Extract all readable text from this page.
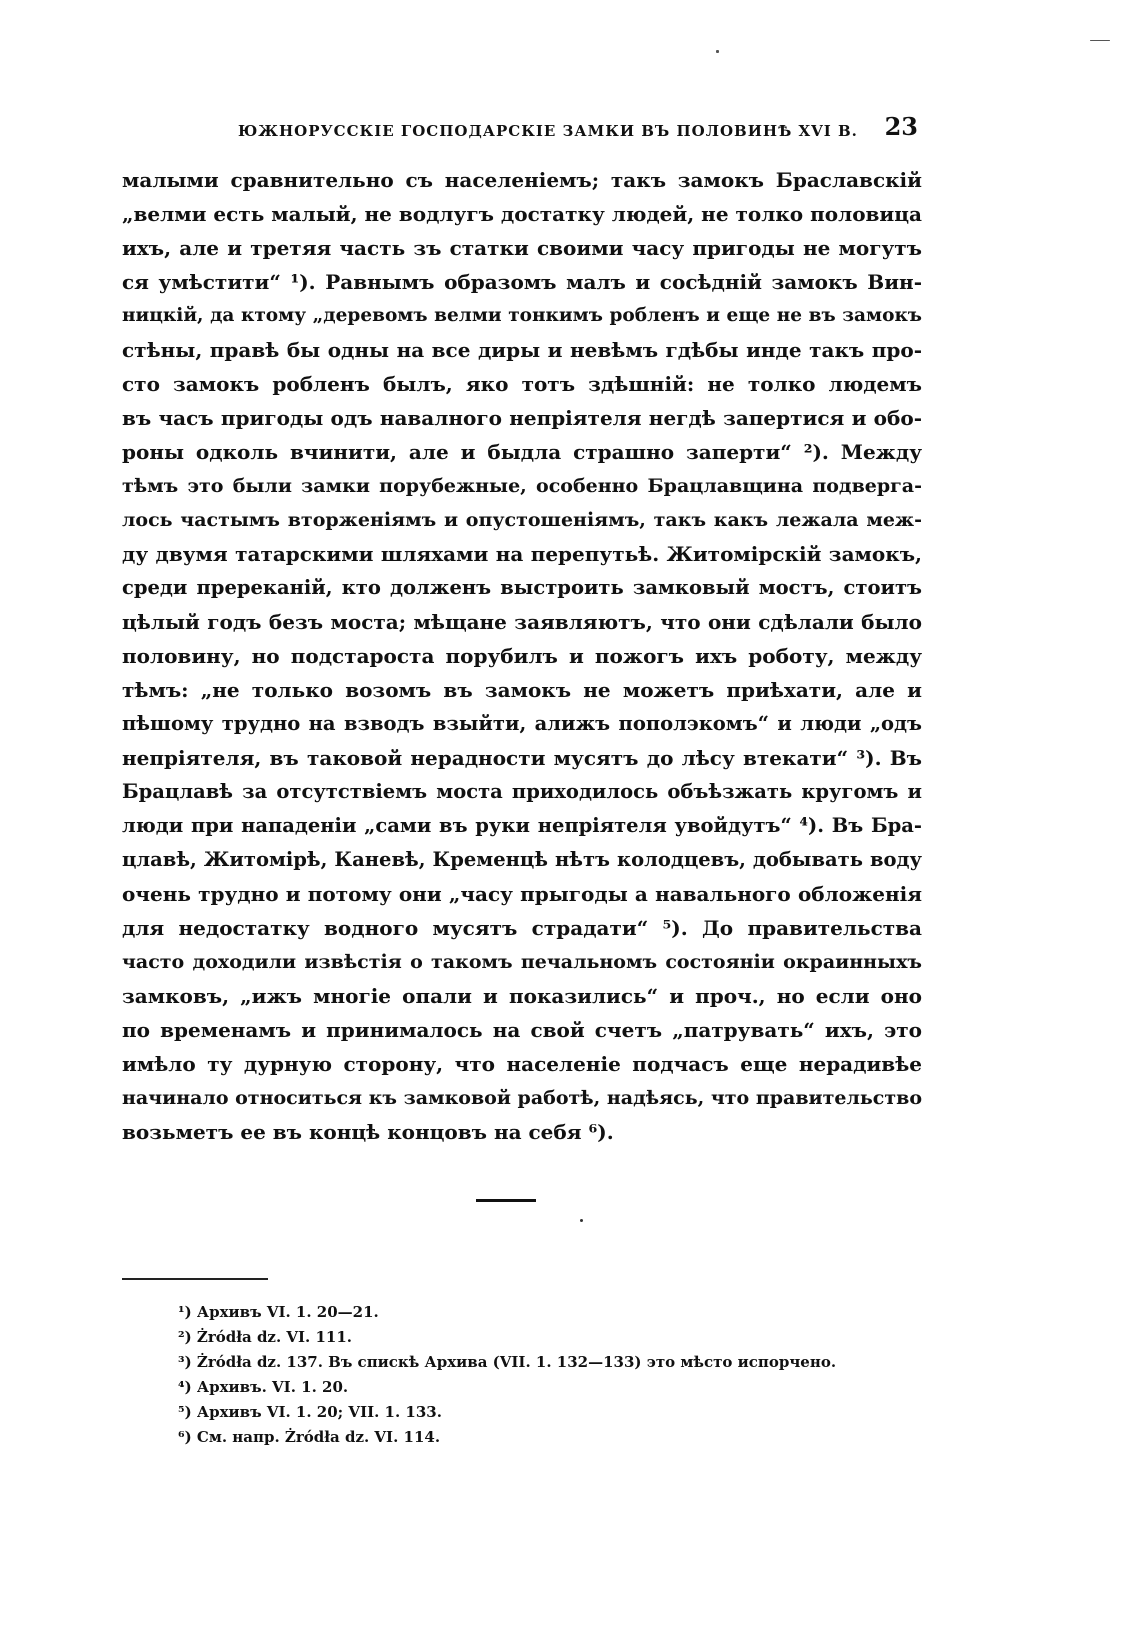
ЮЖНОРУССКІЕ ГОСПОДАРСКІЕ ЗАМКИ ВЪ ПОЛОВИНѢ XVI В. 23
малыми сравнительно съ населеніемъ; такъ замокъ Браславскій
„велми есть малый, не водлугъ достатку людей, не толко половица
ихъ, але и третяя часть зъ статки своими часу пригоды не могутъ
ся умѣстити“ ¹). Равнымъ образомъ малъ и сосѣдній замокъ Вин-
ницкій, да ктому „деревомъ велми тонкимъ робленъ и еще не въ замокъ
стѣны, правѣ бы одны на все диры и невѣмъ гдѣбы инде такъ про-
сто замокъ робленъ былъ, яко тотъ здѣшній: не толко людемъ
въ часъ пригоды одъ навалного непріятеля негдѣ запертися и обо-
роны одколь вчинити, але и быдла страшно заперти“ ²). Между
тѣмъ это были замки порубежные, особенно Брацлавщина подверга-
лось частымъ вторженіямъ и опустошеніямъ, такъ какъ лежала меж-
ду двумя татарскими шляхами на перепутьѣ. Житомірскій замокъ,
среди пререканій, кто долженъ выстроить замковый мостъ, стоитъ
цѣлый годъ безъ моста; мѣщане заявляютъ, что они сдѣлали было
половину, но подстароста порубилъ и пожогъ ихъ роботу, между
тѣмъ: „не только возомъ въ замокъ не можетъ приѣхати, але и
пѣшому трудно на взводъ взыйти, алижъ пополэкомъ“ и люди „одъ
непріятеля, въ таковой нерадности мусятъ до лѣсу втекати“ ³). Въ
Брацлавѣ за отсутствіемъ моста приходилось объѣзжать кругомъ и
люди при нападеніи „сами въ руки непріятеля увойдутъ“ ⁴). Въ Бра-
цлавѣ, Житомірѣ, Каневѣ, Кременцѣ нѣтъ колодцевъ, добывать воду
очень трудно и потому они „часу прыгоды а навального обложенія
для недостатку водного мусятъ страдати“ ⁵). До правительства
часто доходили извѣстія о такомъ печальномъ состояніи окраинныхъ
замковъ, „ижъ многіе опали и показились“ и проч., но если оно
по временамъ и принималось на свой счетъ „патрувать“ ихъ, это
имѣло ту дурную сторону, что населеніе подчасъ еще нерадивѣе
начинало относиться къ замковой работѣ, надѣясь, что правительство
возьметъ ее въ концѣ концовъ на себя ⁶).
¹) Архивъ VI. 1. 20—21.
²) Żródła dz. VI. 111.
³) Żródła dz. 137. Въ спискѣ Архива (VII. 1. 132—133) это мѣсто испорчено.
⁴) Архивъ. VI. 1. 20.
⁵) Архивъ VI. 1. 20; VII. 1. 133.
⁶) См. напр. Żródła dz. VI. 114.
